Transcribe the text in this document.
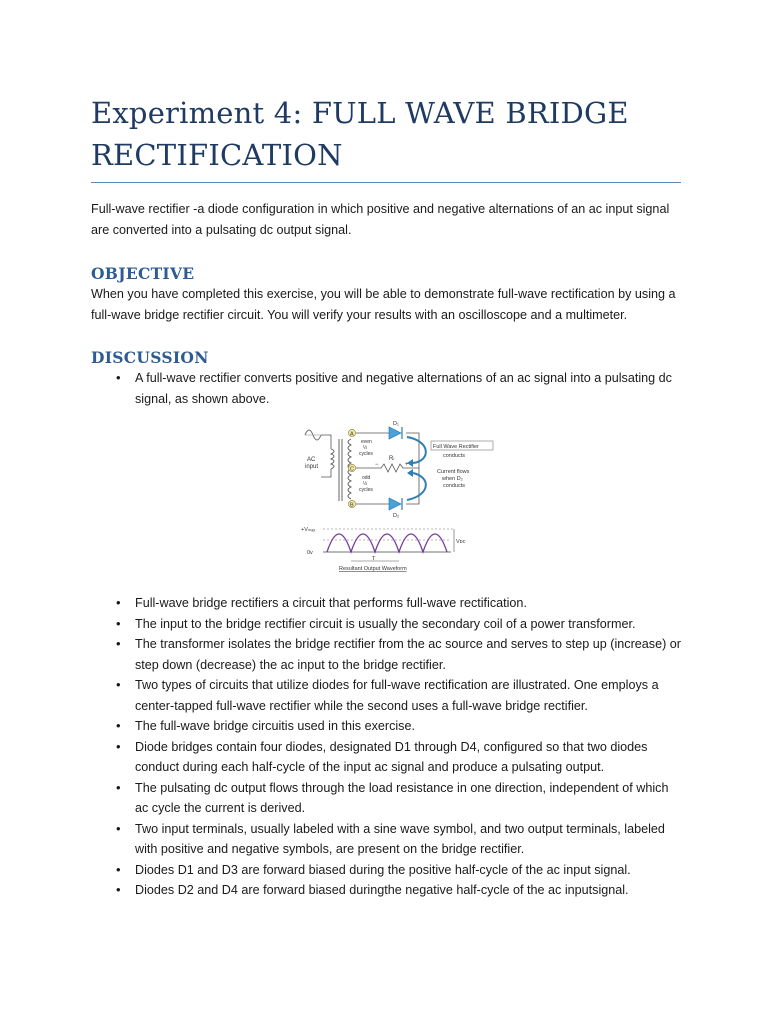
Experiment 4: FULL WAVE BRIDGE RECTIFICATION

Full-wave rectifier -a diode configuration in which positive and negative alternations of an ac input signal are converted into a pulsating dc output signal.

OBJECTIVE

When you have completed this exercise, you will be able to demonstrate full-wave rectification by using a full-wave bridge rectifier circuit. You will verify your results with an oscilloscope and a multimeter.

DISCUSSION
• A full-wave rectifier converts positive and negative alternations of an ac signal into a pulsating dc signal, as shown above.
AC
input
A
C
B
even
½
cycles
odd
½
cycles
D₁
D₂
Rₗ
−	+
Full Wave Rectifier
conducts
Current flows
when D₂
conducts
+Vₘₐₓ
0v
Vᴅᴄ
T
Resultant Output Waveform
• Full-wave bridge rectifiers a circuit that performs full-wave rectification.
• The input to the bridge rectifier circuit is usually the secondary coil of a power transformer.
• The transformer isolates the bridge rectifier from the ac source and serves to step up (increase) or step down (decrease) the ac input to the bridge rectifier.
• Two types of circuits that utilize diodes for full-wave rectification are illustrated. One employs a center-tapped full-wave rectifier while the second uses a full-wave bridge rectifier.
• The full-wave bridge circuitis used in this exercise.
• Diode bridges contain four diodes, designated D1 through D4, configured so that two diodes conduct during each half-cycle of the input ac signal and produce a pulsating output.
• The pulsating dc output flows through the load resistance in one direction, independent of which ac cycle the current is derived.
• Two input terminals, usually labeled with a sine wave symbol, and two output terminals, labeled with positive and negative symbols, are present on the bridge rectifier.
• Diodes D1 and D3 are forward biased during the positive half-cycle of the ac input signal.
• Diodes D2 and D4 are forward biased duringthe negative half-cycle of the ac inputsignal.
